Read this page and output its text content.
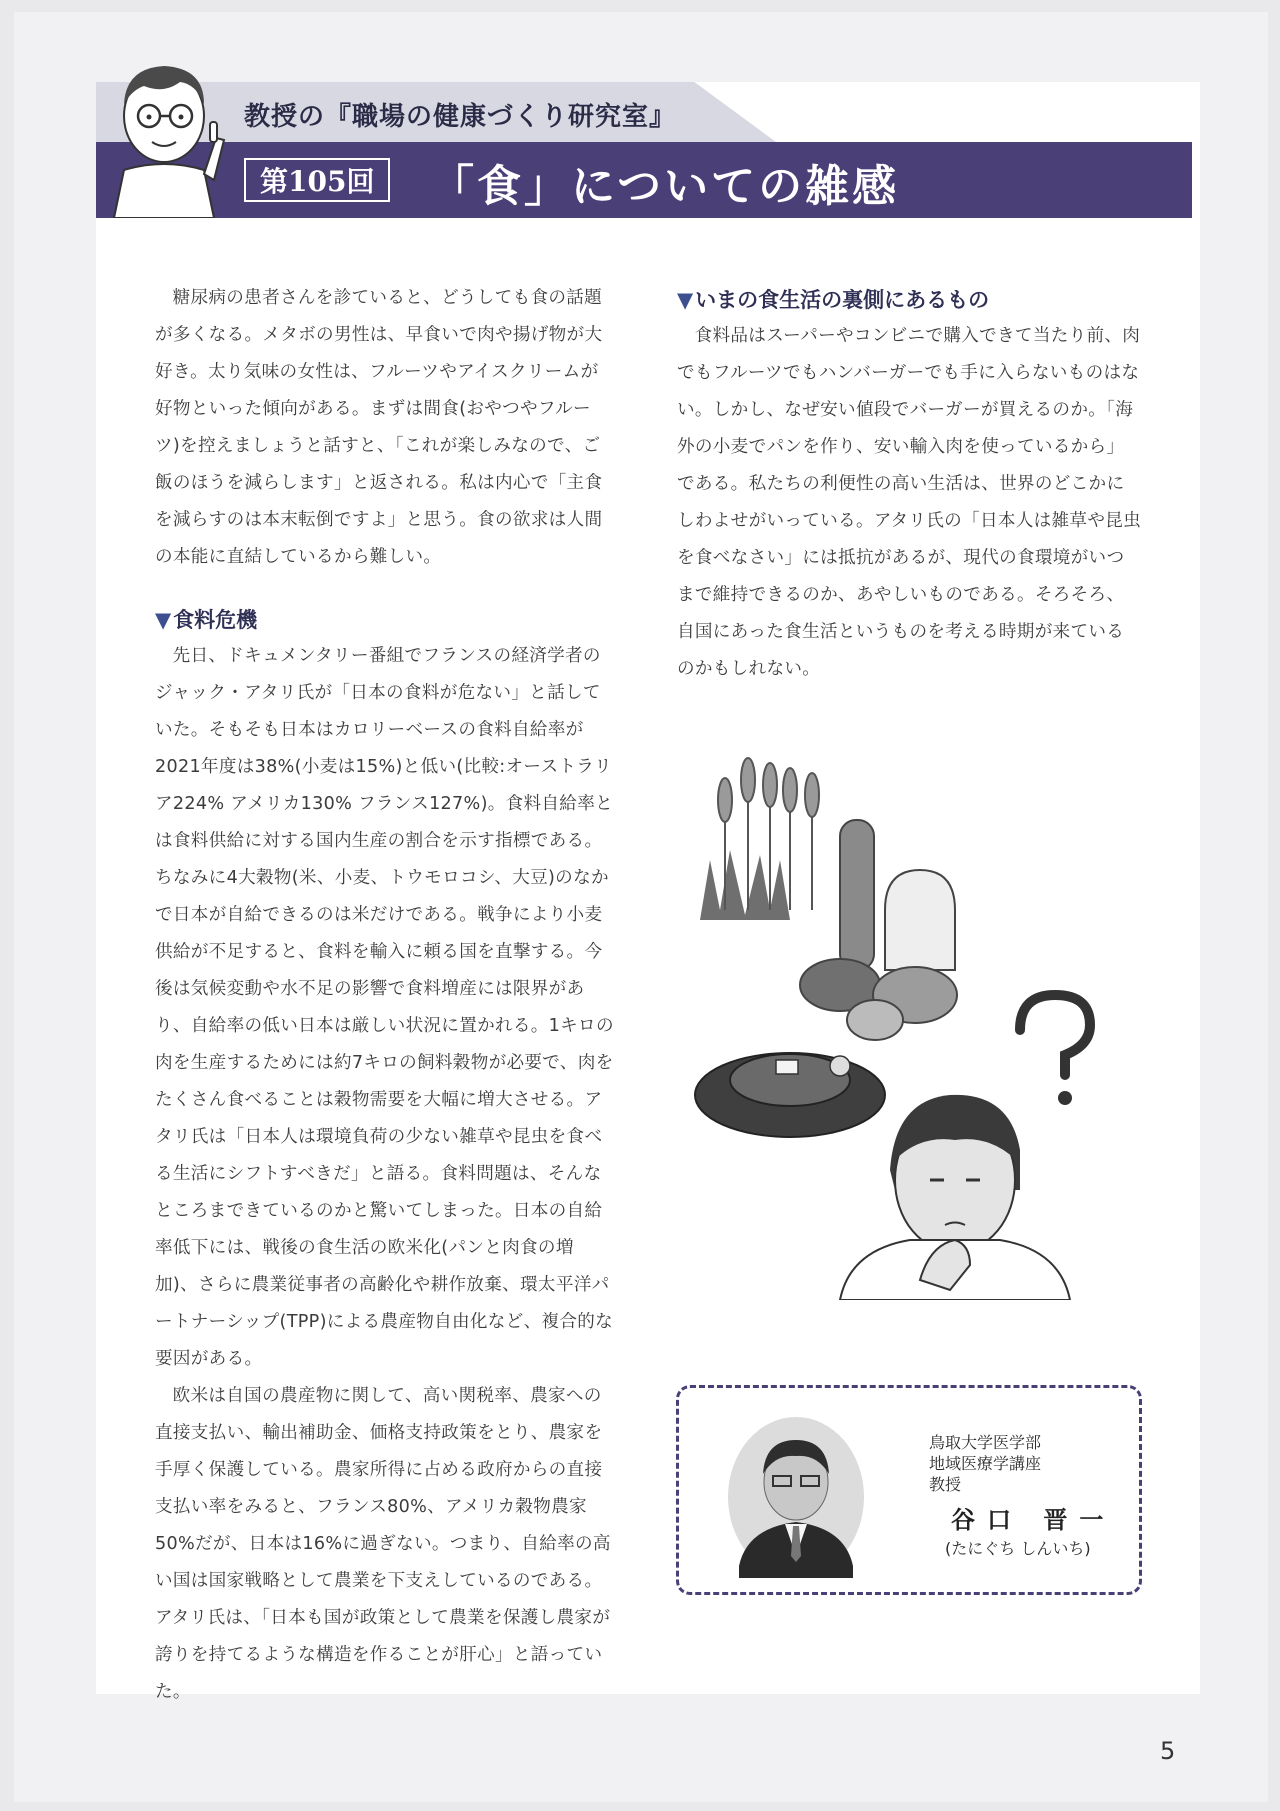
教授の『職場の健康づくり研究室』
第105回	「食」についての雑感

糖尿病の患者さんを診ていると、どうしても食の話題が多くなる。メタボの男性は、早食いで肉や揚げ物が大好き。太り気味の女性は、フルーツやアイスクリームが好物といった傾向がある。まずは間食(おやつやフルーツ)を控えましょうと話すと、「これが楽しみなので、ご飯のほうを減らします」と返される。私は内心で「主食を減らすのは本末転倒ですよ」と思う。食の欲求は人間の本能に直結しているから難しい。

▼食料危機

先日、ドキュメンタリー番組でフランスの経済学者のジャック・アタリ氏が「日本の食料が危ない」と話していた。そもそも日本はカロリーベースの食料自給率が2021年度は38%(小麦は15%)と低い(比較:オーストラリア224% アメリカ130% フランス127%)。食料自給率とは食料供給に対する国内生産の割合を示す指標である。ちなみに4大穀物(米、小麦、トウモロコシ、大豆)のなかで日本が自給できるのは米だけである。戦争により小麦供給が不足すると、食料を輸入に頼る国を直撃する。今後は気候変動や水不足の影響で食料増産には限界があり、自給率の低い日本は厳しい状況に置かれる。1キロの肉を生産するためには約7キロの飼料穀物が必要で、肉をたくさん食べることは穀物需要を大幅に増大させる。アタリ氏は「日本人は環境負荷の少ない雑草や昆虫を食べる生活にシフトすべきだ」と語る。食料問題は、そんなところまできているのかと驚いてしまった。日本の自給率低下には、戦後の食生活の欧米化(パンと肉食の増加)、さらに農業従事者の高齢化や耕作放棄、環太平洋パートナーシップ(TPP)による農産物自由化など、複合的な要因がある。

欧米は自国の農産物に関して、高い関税率、農家への直接支払い、輸出補助金、価格支持政策をとり、農家を手厚く保護している。農家所得に占める政府からの直接支払い率をみると、フランス80%、アメリカ穀物農家50%だが、日本は16%に過ぎない。つまり、自給率の高い国は国家戦略として農業を下支えしているのである。アタリ氏は、「日本も国が政策として農業を保護し農家が誇りを持てるような構造を作ることが肝心」と語っていた。

▼いまの食生活の裏側にあるもの

食料品はスーパーやコンビニで購入できて当たり前、肉でもフルーツでもハンバーガーでも手に入らないものはない。しかし、なぜ安い値段でバーガーが買えるのか。「海外の小麦でパンを作り、安い輸入肉を使っているから」である。私たちの利便性の高い生活は、世界のどこかにしわよせがいっている。アタリ氏の「日本人は雑草や昆虫を食べなさい」には抵抗があるが、現代の食環境がいつまで維持できるのか、あやしいものである。そろそろ、自国にあった食生活というものを考える時期が来ているのかもしれない。

鳥取大学医学部
地域医療学講座
教授
谷口 晋一
(たにぐち しんいち)
5
